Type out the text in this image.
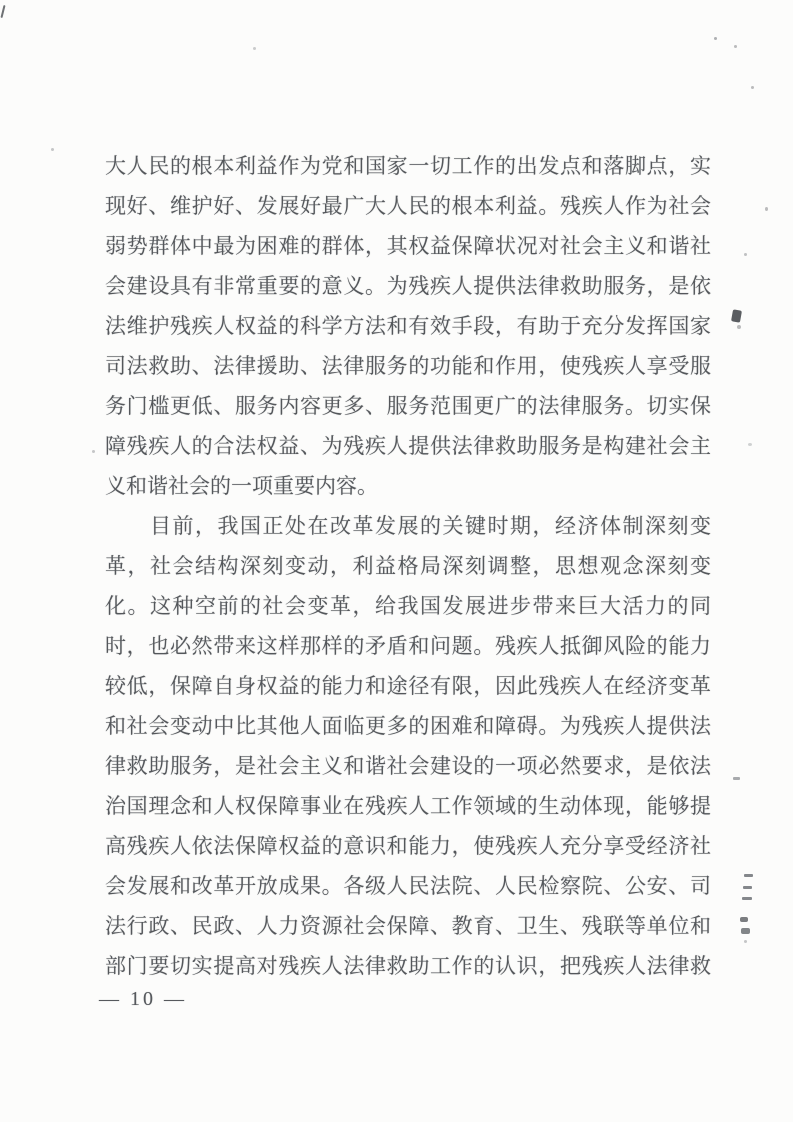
大人民的根本利益作为党和国家一切工作的出发点和落脚点，实
现好、维护好、发展好最广大人民的根本利益。残疾人作为社会
弱势群体中最为困难的群体，其权益保障状况对社会主义和谐社
会建设具有非常重要的意义。为残疾人提供法律救助服务，是依
法维护残疾人权益的科学方法和有效手段，有助于充分发挥国家
司法救助、法律援助、法律服务的功能和作用，使残疾人享受服
务门槛更低、服务内容更多、服务范围更广的法律服务。切实保
障残疾人的合法权益、为残疾人提供法律救助服务是构建社会主
义和谐社会的一项重要内容。
　　目前，我国正处在改革发展的关键时期，经济体制深刻变
革，社会结构深刻变动，利益格局深刻调整，思想观念深刻变
化。这种空前的社会变革，给我国发展进步带来巨大活力的同
时，也必然带来这样那样的矛盾和问题。残疾人抵御风险的能力
较低，保障自身权益的能力和途径有限，因此残疾人在经济变革
和社会变动中比其他人面临更多的困难和障碍。为残疾人提供法
律救助服务，是社会主义和谐社会建设的一项必然要求，是依法
治国理念和人权保障事业在残疾人工作领域的生动体现，能够提
高残疾人依法保障权益的意识和能力，使残疾人充分享受经济社
会发展和改革开放成果。各级人民法院、人民检察院、公安、司
法行政、民政、人力资源社会保障、教育、卫生、残联等单位和
部门要切实提高对残疾人法律救助工作的认识，把残疾人法律救
— 10 —
